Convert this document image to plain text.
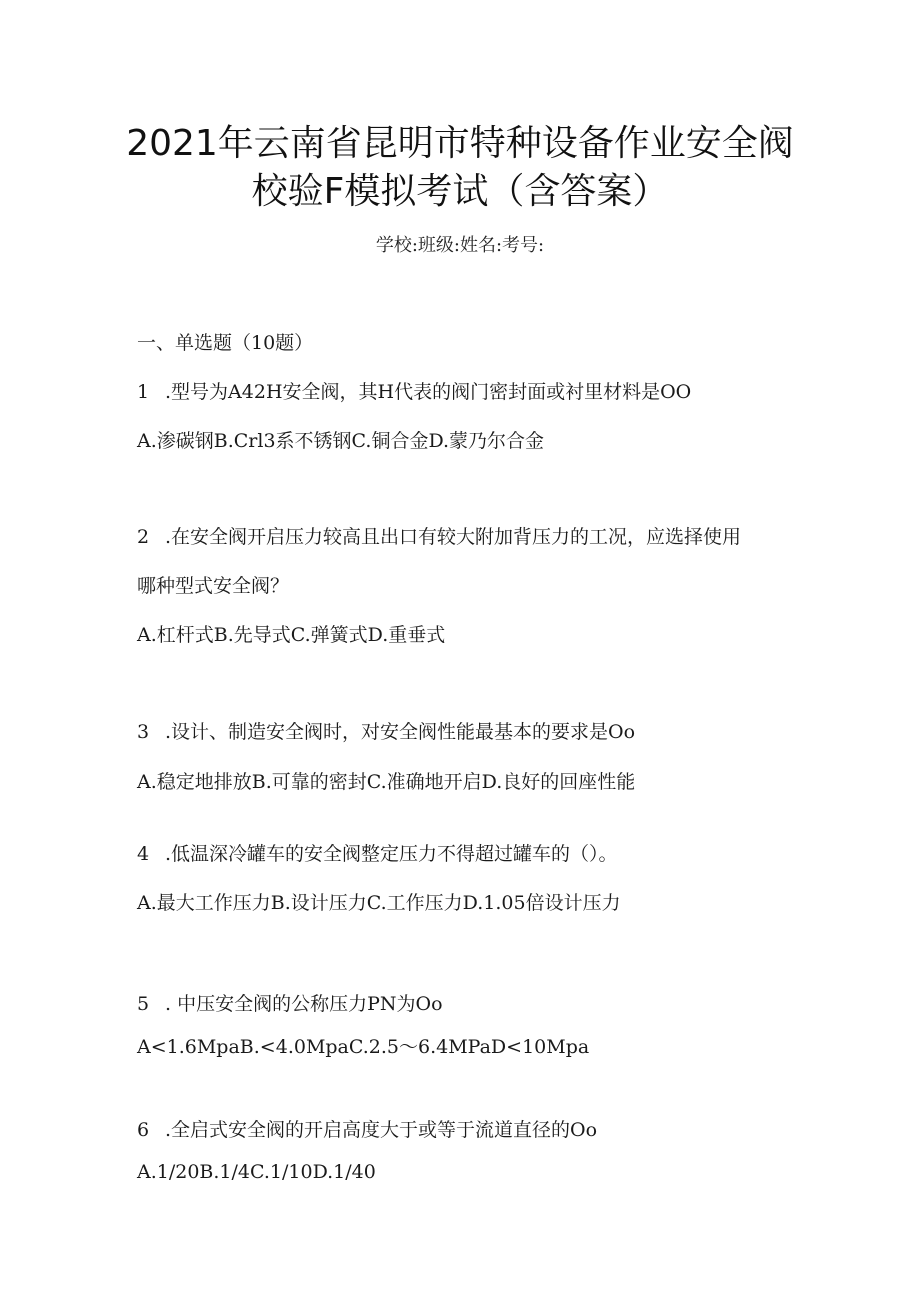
2021年云南省昆明市特种设备作业安全阀
校验F模拟考试（含答案）
学校:班级:姓名:考号:
一、单选题（10题）
1 .型号为A42H安全阀，其H代表的阀门密封面或衬里材料是OO
A.渗碳钢B.Crl3系不锈钢C.铜合金D.蒙乃尔合金
2 .在安全阀开启压力较高且出口有较大附加背压力的工况，应选择使用
哪种型式安全阀？
A.杠杆式B.先导式C.弹簧式D.重垂式
3 .设计、制造安全阀时，对安全阀性能最基本的要求是Oo
A.稳定地排放B.可靠的密封C.准确地开启D.良好的回座性能
4 .低温深冷罐车的安全阀整定压力不得超过罐车的（）。
A.最大工作压力B.设计压力C.工作压力D.1.05倍设计压力
5 . 中压安全阀的公称压力PN为Oo
A<1.6MpaB.<4.0MpaC.2.5～6.4MPaD<10Mpa
6 .全启式安全阀的开启高度大于或等于流道直径的Oo
A.1/20B.1/4C.1/10D.1/40
